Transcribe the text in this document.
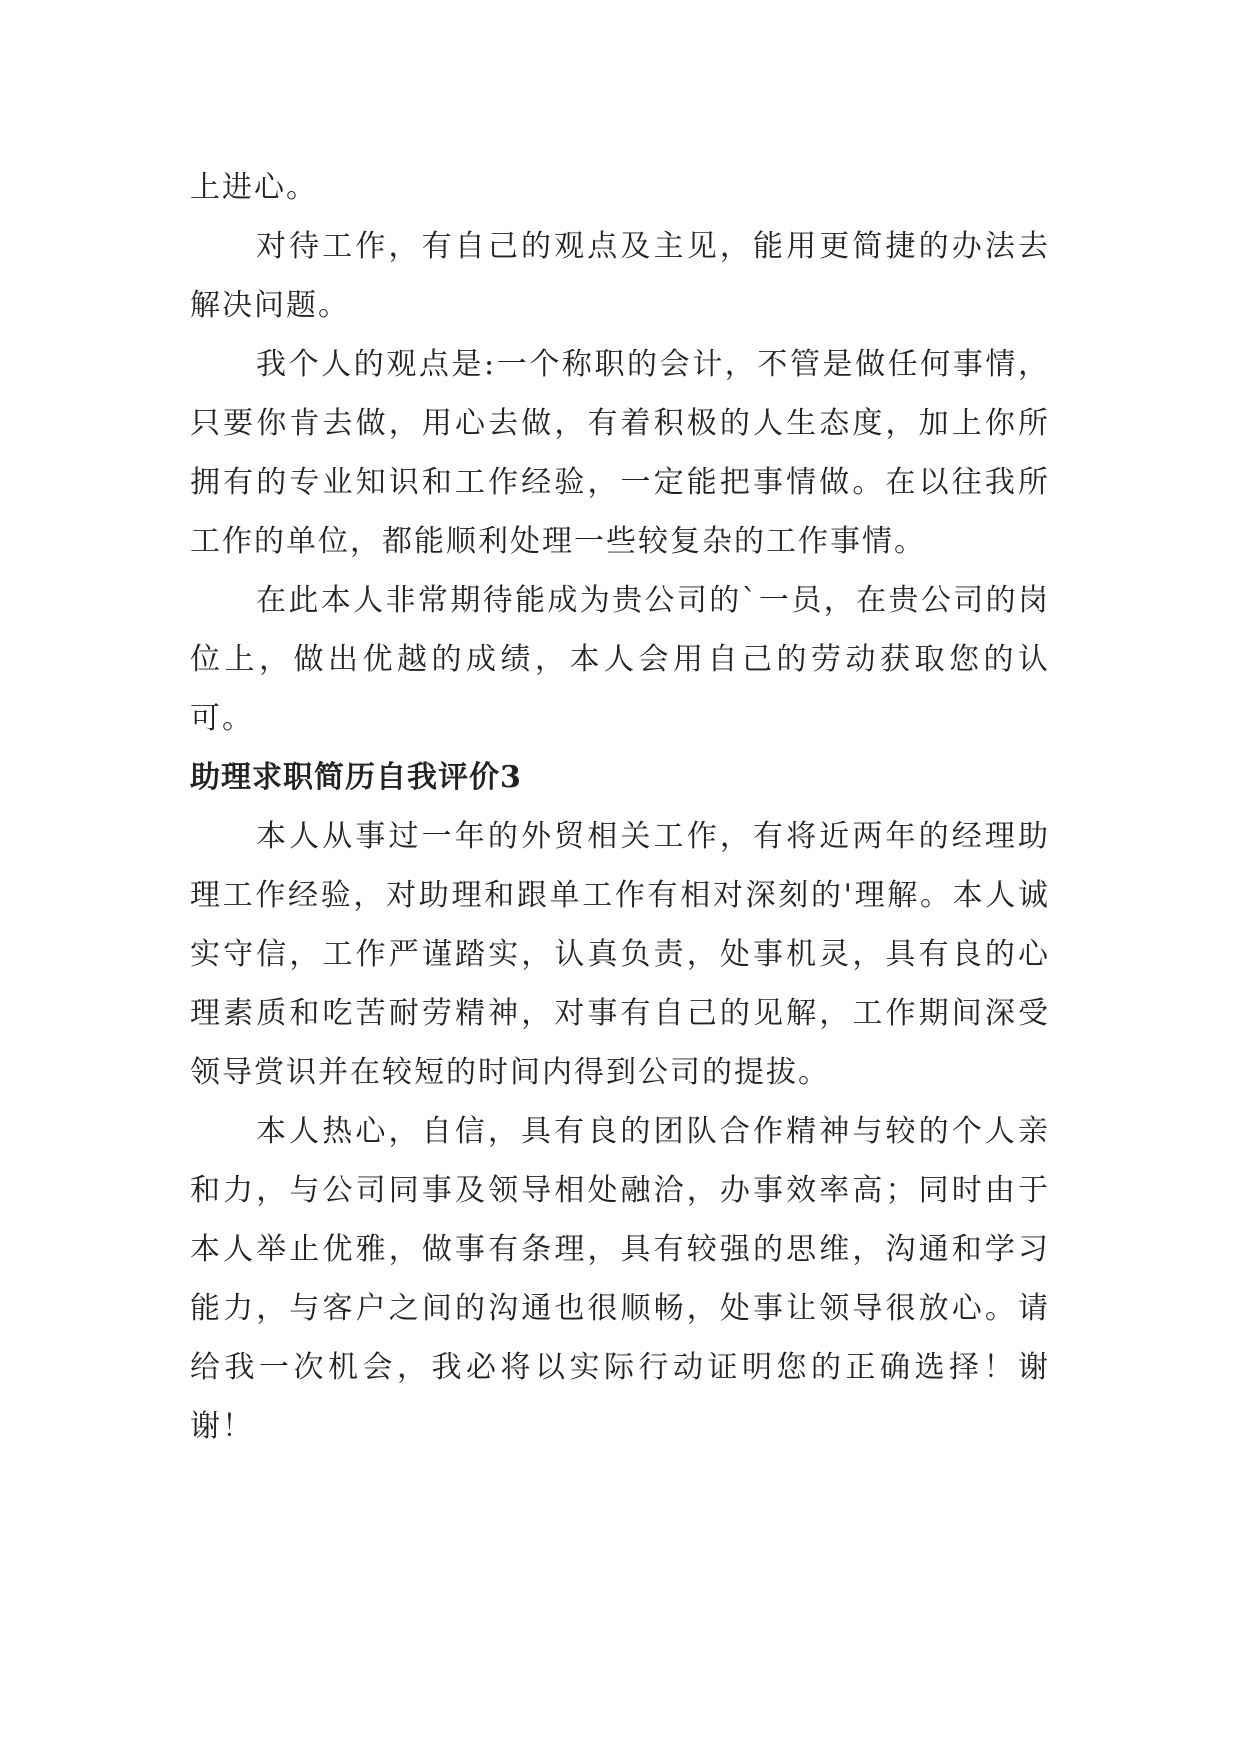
上进心。

对待工作，有自己的观点及主见，能用更简捷的办法去解决问题。

我个人的观点是:一个称职的会计，不管是做任何事情，只要你肯去做，用心去做，有着积极的人生态度，加上你所拥有的专业知识和工作经验，一定能把事情做。在以往我所工作的单位，都能顺利处理一些较复杂的工作事情。

在此本人非常期待能成为贵公司的`一员，在贵公司的岗位上，做出优越的成绩，本人会用自己的劳动获取您的认可。

助理求职简历自我评价3

本人从事过一年的外贸相关工作，有将近两年的经理助理工作经验，对助理和跟单工作有相对深刻的'理解。本人诚实守信，工作严谨踏实，认真负责，处事机灵，具有良的心理素质和吃苦耐劳精神，对事有自己的见解，工作期间深受领导赏识并在较短的时间内得到公司的提拔。

本人热心，自信，具有良的团队合作精神与较的个人亲和力，与公司同事及领导相处融洽，办事效率高；同时由于本人举止优雅，做事有条理，具有较强的思维，沟通和学习能力，与客户之间的沟通也很顺畅，处事让领导很放心。请给我一次机会，我必将以实际行动证明您的正确选择！谢谢！
